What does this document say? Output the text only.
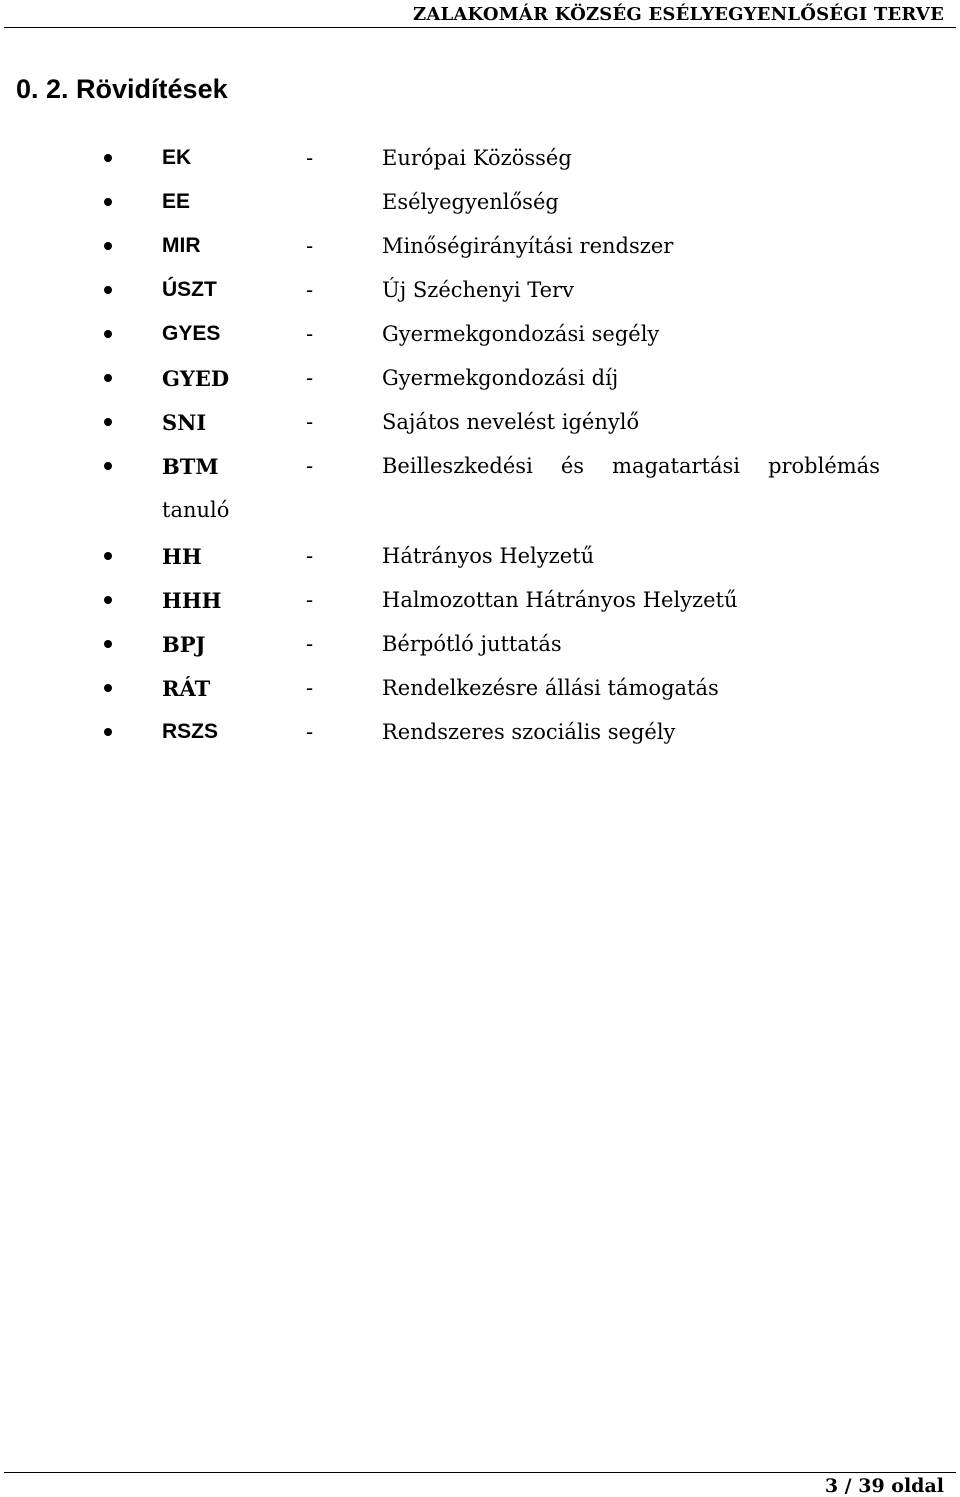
ZALAKOMÁR KÖZSÉG ESÉLYEGYENLŐSÉGI TERVE
0. 2. Rövidítések
EK	-	Európai Közösség
EE	Esélyegyenlőség
MIR	-	Minőségirányítási rendszer
ÚSZT	-	Új Széchenyi Terv
GYES	-	Gyermekgondozási segély
GYED	-	Gyermekgondozási díj
SNI	-	Sajátos nevelést igénylő
BTM	-	Beilleszkedési és magatartási problémás
tanuló
HH	-	Hátrányos Helyzetű
HHH	-	Halmozottan Hátrányos Helyzetű
BPJ	-	Bérpótló juttatás
RÁT	-	Rendelkezésre állási támogatás
RSZS	-	Rendszeres szociális segély
3 / 39 oldal
